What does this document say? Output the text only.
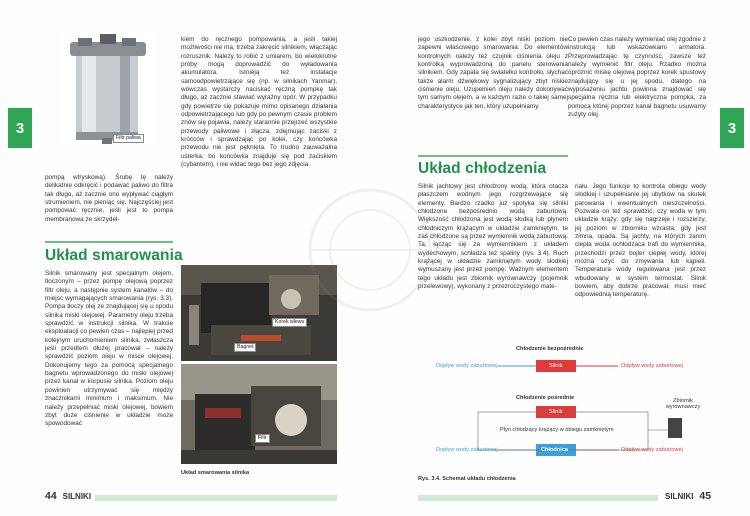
3
Filtr paliwa
pompą wtryskową). Śrubę tę należy delikatnie odkręcić i podawać paliwo do filtra tak długo, aż zacznie ono wypływać ciągłym strumieniem, nie pieniąc się. Najczęściej jest pompować ręcznie, jeśli jest to pompa membranowa ze skrzydeł-
kiem do ręcznego pompowania, a jeśli takiej możliwości nie ma, trzeba zakręcić silnikiem, włączając rozrusznik. Należy to robić z umiarem, bo wielokrotne próby mogą doprowadzić do wyładowania akumulatora. Istnieją też instalacje samoodpowietrzające się (np. w silnikach Yanmar), wówczas wystarczy naciskać ręczną pompkę tak długo, aż zacznie stawiać wyraźny opór. W przypadku gdy powietrze się pokazuje mimo opisanego działania odpowietrzającego lub gdy po pewnym czasie problem znów się pojawia, należy starannie przejrzeć wszystkie przewody paliwowe i złącza, zdejmując zaciski z króćców i sprawdzając po kolei, czy końcówka przewodu nie jest pęknięta. To trudno zauważalna usterka, bo końcówka znajduje się pod zaciskiem (cybantem), i nie widać tego bez jego zdjęcia.
Układ smarowania
Silnik smarowany jest specjalnym olejem, tłoczonym – przez pompę olejową poprzez filtr oleju, a następnie system kanałów – do miejsc wymagających smarowania (rys. 3.3). Pompa tłoczy olej ze znajdującej się u spodu silnika miski olejowej. Parametry oleju trzeba sprawdzić w instrukcji silnika. W trakcie eksploatacji co pewien czas – najlepiej przed kolejnym uruchomieniem silnika, zwłaszcza jeśli przedtem dłużej pracował – należy sprawdzić poziom oleju w misce olejowej. Dokonujemy tego za pomocą specjalnego bagnetu wprowadzonego do miski olejowej przez kanał w korpusie silnika. Poziom oleju powinien utrzymywać się między znacznikami minimum i maksimum. Nie należy przepełniać miski olejowej, bowiem zbyt duże ciśnienie w układzie może spowodować
Korek wlewu
Bagnet
Filtr
Układ smarowania silnika
44 SILNIKI
3
jego uszkodzenie, z kolei zbyt niski poziom nie zapewni właściwego smarowania. Do elementów kontrolnych należy też czujnik ciśnienia oleju z kontrolką wyprowadzoną do panelu sterowania silnikiem. Gdy zapala się światełko kontrolki, słychać także alarm dźwiękowy sygnalizujący zbyt niskie ciśnienie oleju. Uzupełnień oleju należy dokonywać tym samym olejem, a w każdym razie o takiej samej charakterystyce jak ten, który uzupełniamy.
Co pewien czas należy wymieniać olej zgodnie z instrukcją lub wskazówkami armatora. Przeprowadzając tę czynność, zawsze też należy wymienić filtr oleju. Rzadko można opróżnić miskę olejową poprzez korek spustowy znajdujący się u jej spodu, dlatego na wyposażeniu jachtu powinna znajdować się specjalna ręczna lub elektryczna pompka, za pomocą której poprzez kanał bagnetu usuwamy zużyty olej.
Układ chłodzenia
Silnik jachtowy jest chłodzony wodą, która otacza płaszczem wodnym jego rozgrzewające się elementy. Bardzo rzadko już spotyka się silniki chłodzone bezpośrednio wodą zaburtową. Większość chłodzona jest wodą słodką lub płynem chłodniczym krążącym w układzie zamkniętym, te zaś chłodzone są przez wymiennik wodą zaburtową. Ta, łącząc się za wymiennikiem z układem wydechowym, schładza też spaliny (rys. 3.4). Ruch krążącej w układzie zamkniętym wody słodkiej wymuszany jest przez pompę. Ważnym elementem tego układu jest zbiornik wyrównawczy (pojemnik przelewowy), wykonany z przezroczystego mate-
riału. Jego funkcje to kontrola obiegu wody słodkiej i uzupełnianie jej ubytków na skutek parowania i ewentualnych nieszczelności. Pozwala on też sprawdzić, czy woda w tym układzie krąży: gdy się nagrzeje i rozszerzy, jej poziom w zbiorniku wzrasta, gdy jest zimna, opada. Są jachty, na których zanim ciepła woda ochłodzaca trafi do wymiennika, przechodzi przez bojler ciepłej wody, której można użyć do zmywania lub kąpieli. Temperatura wody regulowana jest przez wbudowany w system termostat. Silnik bowiem, aby dobrze pracował, musi mieć odpowiednią temperaturę.
Chłodzenie bezpośrednie
Dopływ wody zaburtowej	Odpływ wody zaburtowej
Silnik
Chłodzenie pośrednie
Silnik
Płyn chłodzący krążący w obiegu zamkniętym
Chłodnica
Dopływ wody zaburtowej	Odpływ wody zaburtowej
Zbiornik wyrównawczy
Rys. 3.4. Schemat układu chłodzenia
SILNIKI 45
